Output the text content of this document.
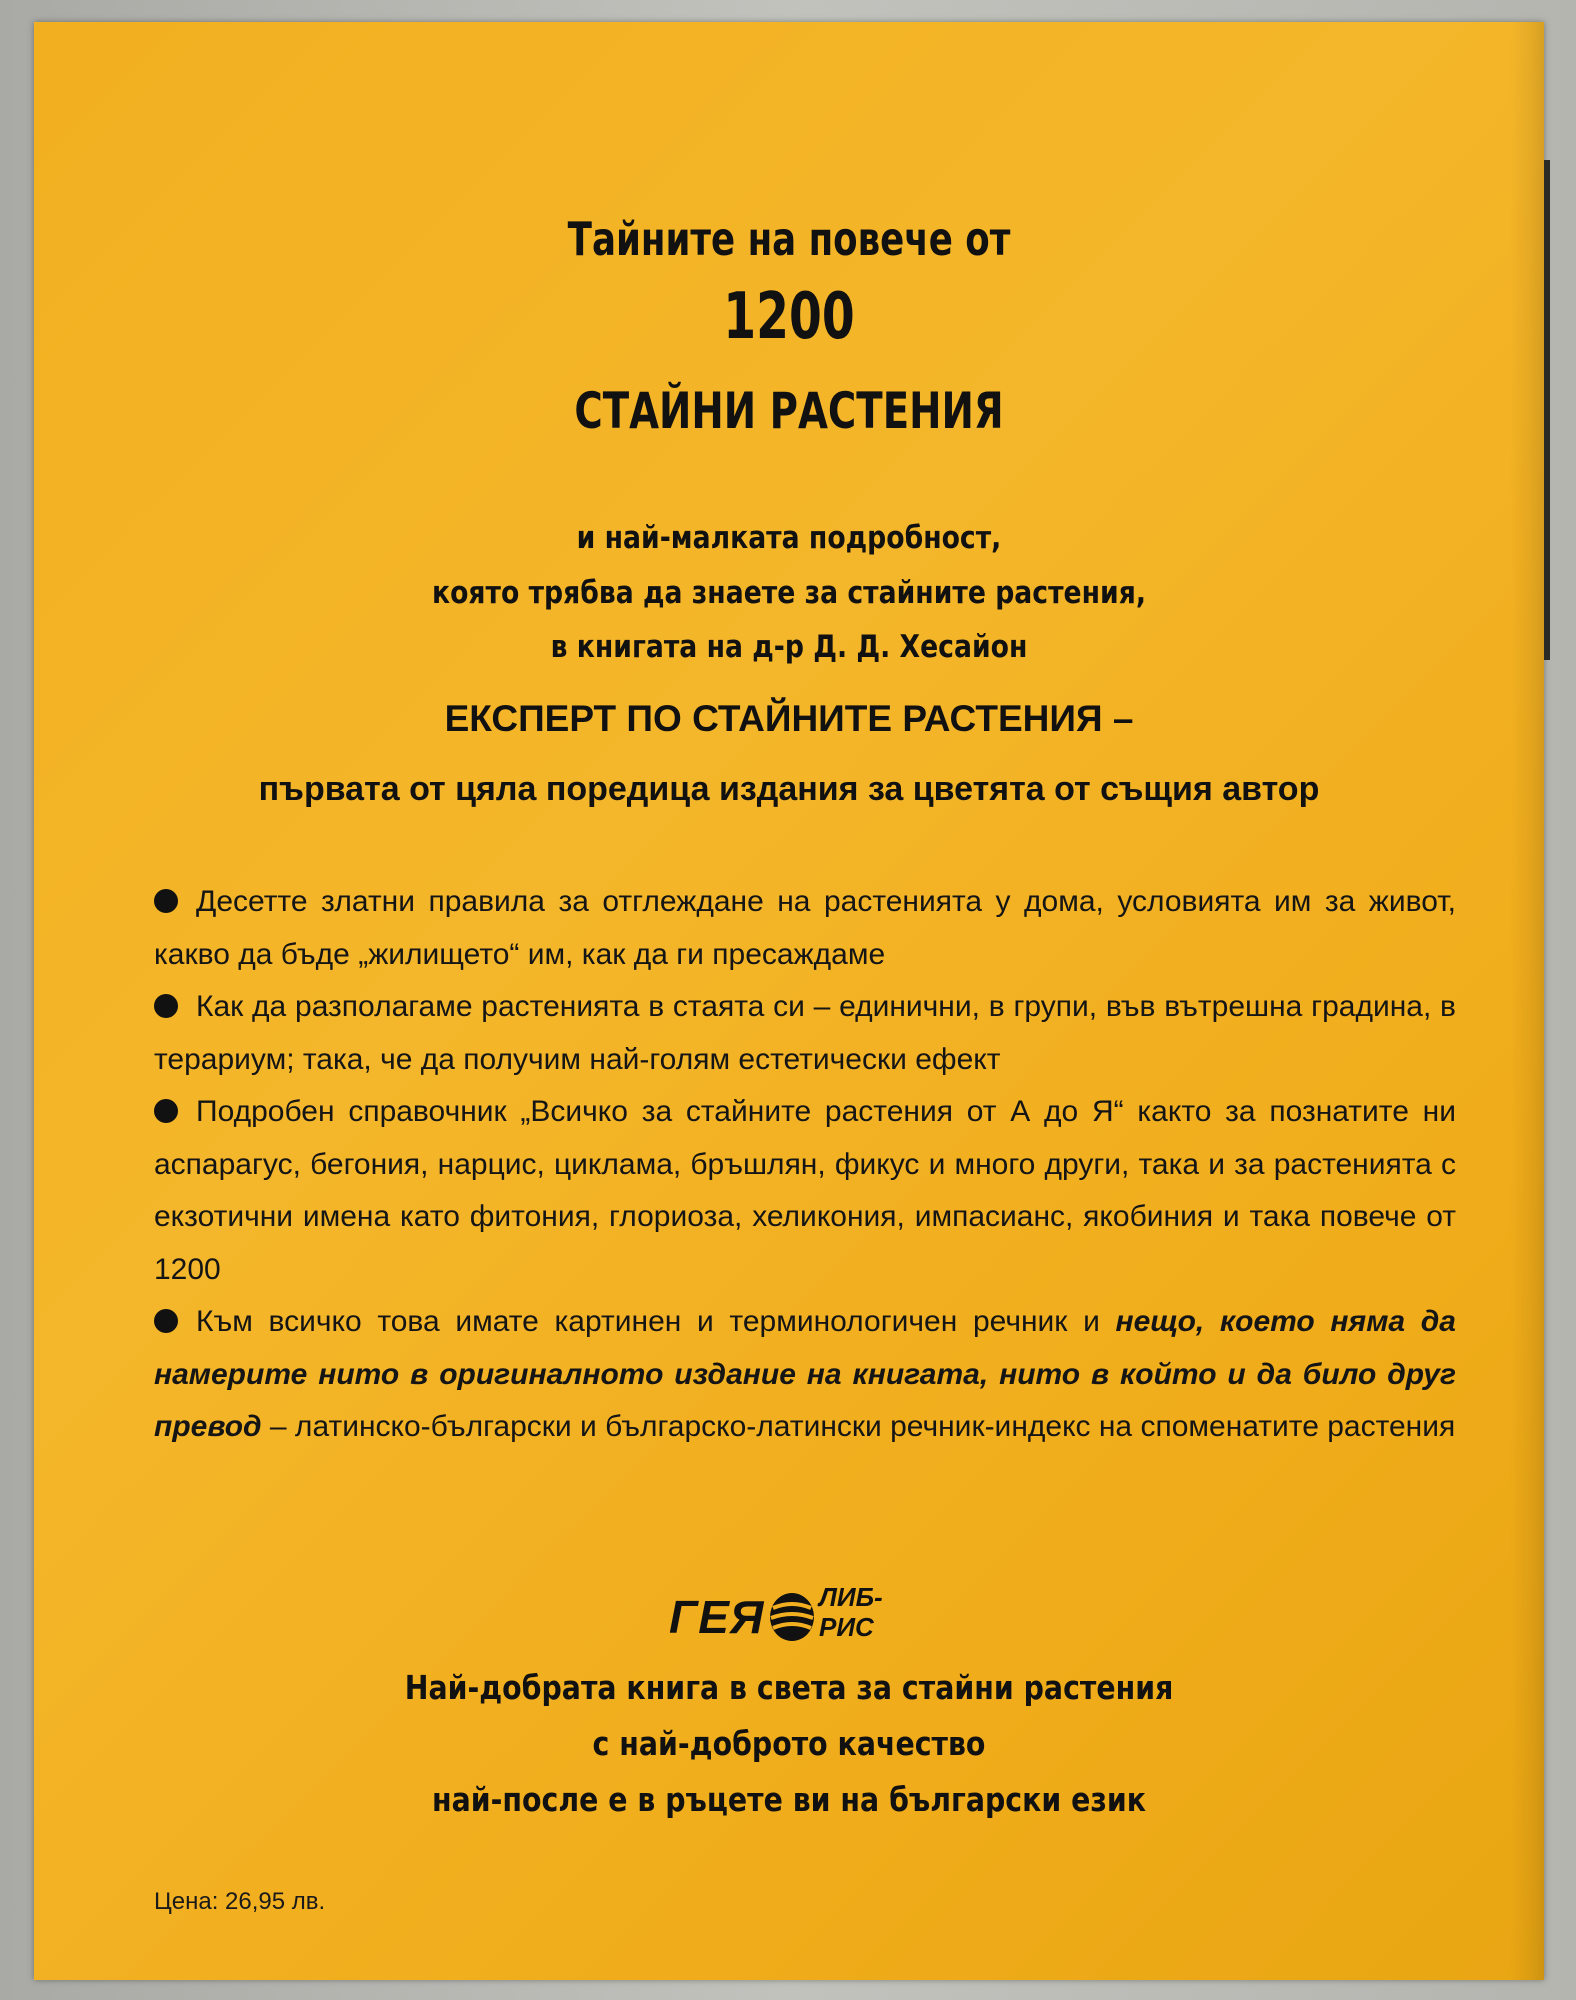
Тайните на повече от
1200
СТАЙНИ РАСТЕНИЯ
и най-малката подробност,
която трябва да знаете за стайните растения,
в книгата на д-р Д. Д. Хесайон
ЕКСПЕРТ ПО СТАЙНИТЕ РАСТЕНИЯ –
първата от цяла поредица издания за цветята от същия автор

Десетте златни правила за отглеждане на растенията у дома, условията им за живот, какво да бъде „жилището“ им, как да ги пресаждаме

Как да разполагаме растенията в стаята си – единични, в групи, във вътрешна градина, в терариум; така, че да получим най-голям естетически ефект

Подробен справочник „Всичко за стайните растения от А до Я“ както за познатите ни аспарагус, бегония, нарцис, цикламa, бръшлян, фикус и много други, така и за растенията с екзотични имена като фитония, глориоза, хеликония, импасианс, якобиния и така повече от 1200

Към всичко това имате картинен и терминологичен речник и нещо, което няма да намерите нито в оригиналното издание на книгата, нито в който и да било друг превод – латинско-български и българско-латински речник-индекс на споменатите растения

ГЕЯ ЛИБ-
РИС
Най-добрата книга в света за стайни растения
с най-доброто качество
най-после е в ръцете ви на български език
Цена: 26,95 лв.
